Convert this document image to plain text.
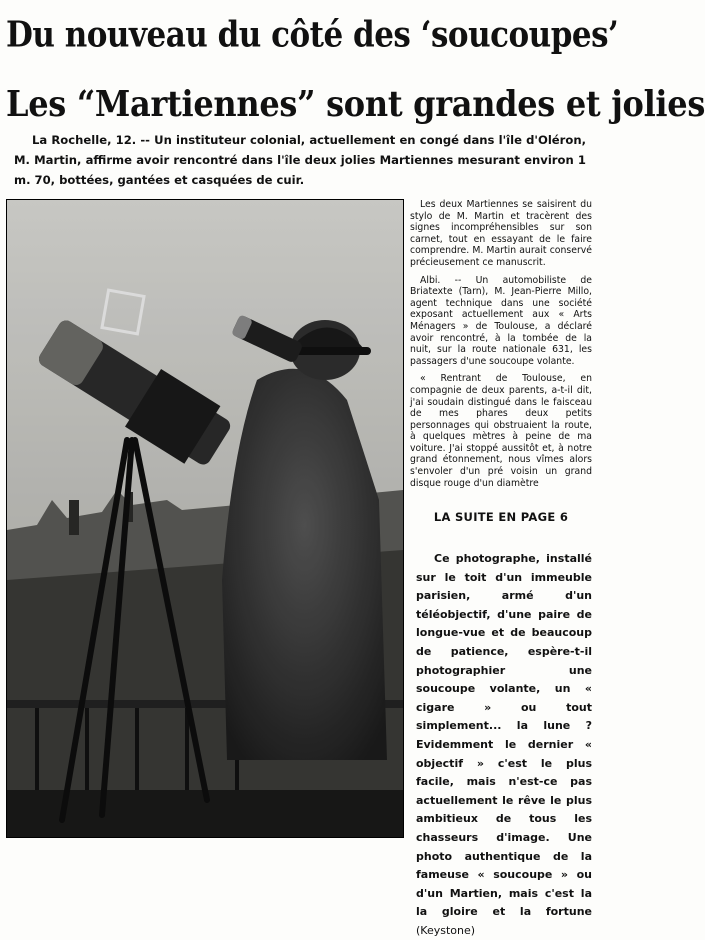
Du nouveau du côté des ‘soucoupes’
Les “Martiennes” sont grandes et jolies
La Rochelle, 12. -- Un instituteur colonial, actuellement en congé dans l'île d'Oléron, M. Martin, affirme avoir rencontré dans l'île deux jolies Martiennes mesurant environ 1 m. 70, bottées, gantées et casquées de cuir.

Les deux Martiennes se saisirent du stylo de M. Martin et tracèrent des signes incompréhensibles sur son carnet, tout en essayant de le faire comprendre. M. Martin aurait conservé précieusement ce manuscrit.

Albi. -- Un automobiliste de Briatexte (Tarn), M. Jean-Pierre Millo, agent technique dans une société exposant actuellement aux « Arts Ménagers » de Toulouse, a déclaré avoir rencontré, à la tombée de la nuit, sur la route nationale 631, les passagers d'une soucoupe volante.

« Rentrant de Toulouse, en compagnie de deux parents, a-t-il dit, j'ai soudain distingué dans le faisceau de mes phares deux petits personnages qui obstruaient la route, à quelques mètres à peine de ma voiture. J'ai stoppé aussitôt et, à notre grand étonnement, nous vîmes alors s'envoler d'un pré voisin un grand disque rouge d'un diamètre

LA SUITE EN PAGE 6
Ce photographe, installé sur le toit d'un immeuble parisien, armé d'un téléobjectif, d'une paire de longue-vue et de beaucoup de patience, espère-t-il photographier une soucoupe volante, un « cigare » ou tout simplement... la lune ? Evidemment le dernier « objectif » c'est le plus facile, mais n'est-ce pas actuellement le rêve le plus ambitieux de tous les chasseurs d'image. Une photo authentique de la fameuse « soucoupe » ou d'un Martien, mais c'est la la gloire et la fortune (Keystone)
